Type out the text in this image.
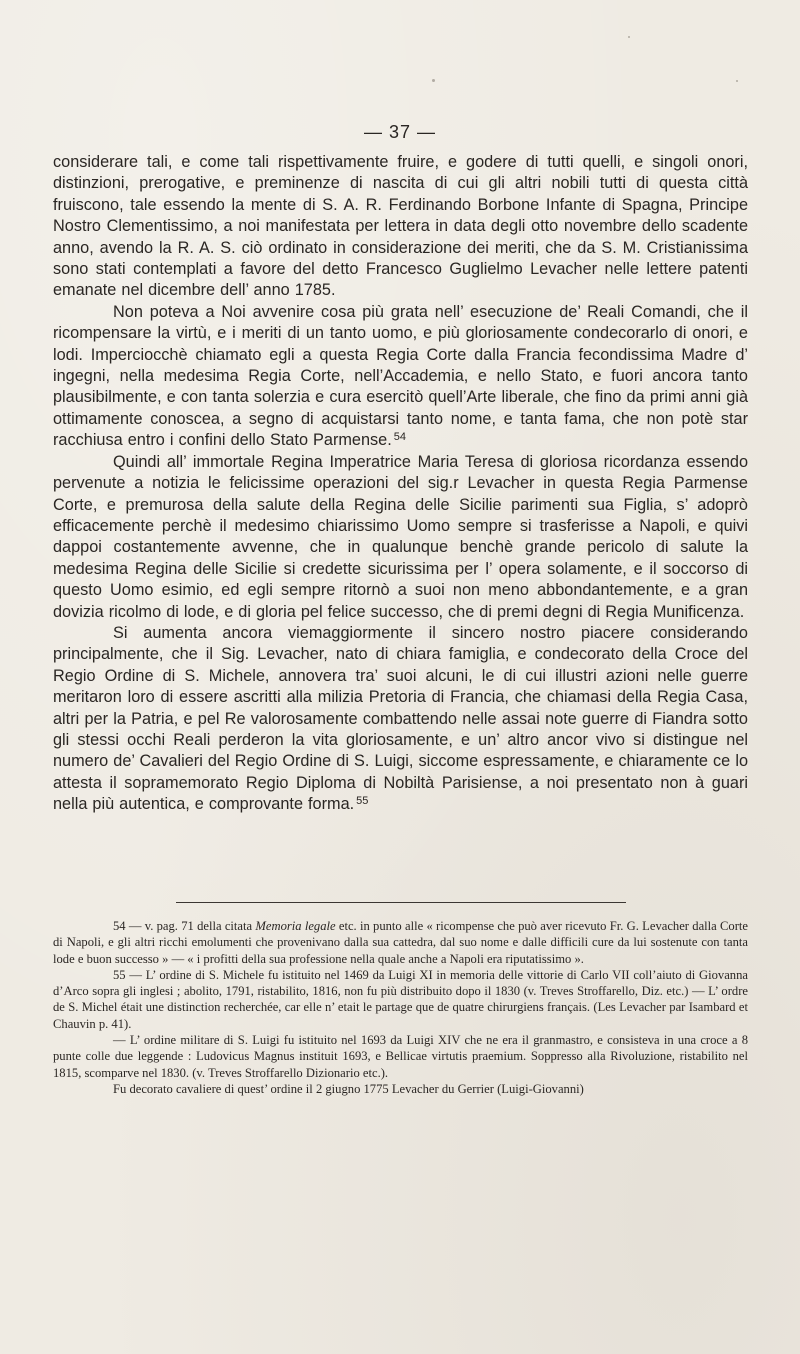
— 37 —

considerare tali, e come tali rispettivamente fruire, e godere di tutti quelli, e singoli onori, distinzioni, prerogative, e preminenze di nascita di cui gli altri nobili tutti di questa città fruiscono, tale essendo la mente di S. A. R. Ferdinando Borbone Infante di Spagna, Principe Nostro Clementissimo, a noi manifestata per lettera in data degli otto novembre dello scadente anno, avendo la R. A. S. ciò ordinato in considerazione dei meriti, che da S. M. Cristianissima sono stati contemplati a favore del detto Francesco Guglielmo Levacher nelle lettere patenti emanate nel dicembre dell’ anno 1785.

Non poteva a Noi avvenire cosa più grata nell’ esecuzione de’ Reali Comandi, che il ricompensare la virtù, e i meriti di un tanto uomo, e più gloriosamente condecorarlo di onori, e lodi. Imperciocchè chiamato egli a questa Regia Corte dalla Francia fecondissima Madre d’ ingegni, nella medesima Regia Corte, nell’Accademia, e nello Stato, e fuori ancora tanto plausibilmente, e con tanta solerzia e cura esercitò quell’Arte liberale, che fino da primi anni già ottimamente conoscea, a segno di acquistarsi tanto nome, e tanta fama, che non potè star racchiusa entro i confini dello Stato Parmense. $^{54}$

Quindi all’ immortale Regina Imperatrice Maria Teresa di gloriosa ricordanza essendo pervenute a notizia le felicissime operazioni del sig.r Levacher in questa Regia Parmense Corte, e premurosa della salute della Regina delle Sicilie parimenti sua Figlia, s’ adoprò efficacemente perchè il medesimo chiarissimo Uomo sempre si trasferisse a Napoli, e quivi dappoi costantemente avvenne, che in qualunque benchè grande pericolo di salute la medesima Regina delle Sicilie si credette sicurissima per l’ opera solamente, e il soccorso di questo Uomo esimio, ed egli sempre ritornò a suoi non meno abbondantemente, e a gran dovizia ricolmo di lode, e di gloria pel felice successo, che di premi degni di Regia Munificenza.

Si aumenta ancora viemaggiormente il sincero nostro piacere considerando principalmente, che il Sig. Levacher, nato di chiara famiglia, e condecorato della Croce del Regio Ordine di S. Michele, annovera tra’ suoi alcuni, le di cui illustri azioni nelle guerre meritaron loro di essere ascritti alla milizia Pretoria di Francia, che chiamasi della Regia Casa, altri per la Patria, e pel Re valorosamente combattendo nelle assai note guerre di Fiandra sotto gli stessi occhi Reali perderon la vita gloriosamente, e un’ altro ancor vivo si distingue nel numero de’ Cavalieri del Regio Ordine di S. Luigi, siccome espressamente, e chiaramente ce lo attesta il sopramemorato Regio Diploma di Nobiltà Parisiense, a noi presentato non à guari nella più autentica, e comprovante forma. $^{55}$

54 — v. pag. 71 della citata Memoria legale etc. in punto alle « ricompense che può aver ricevuto Fr. G. Levacher dalla Corte di Napoli, e gli altri ricchi emolumenti che provenivano dalla sua cattedra, dal suo nome e dalle difficili cure da lui sostenute con tanta lode e buon successo » — « i profitti della sua professione nella quale anche a Napoli era riputatissimo ».

55 — L’ ordine di S. Michele fu istituito nel 1469 da Luigi XI in memoria delle vittorie di Carlo VII coll’aiuto di Giovanna d’Arco sopra gli inglesi ; abolito, 1791, ristabilito, 1816, non fu più distribuito dopo il 1830 (v. Treves Stroffarello, Diz. etc.) — L’ ordre de S. Michel était une distinction recherchée, car elle n’ etait le partage que de quatre chirurgiens français. (Les Levacher par Isambard et Chauvin p. 41).

— L’ ordine militare di S. Luigi fu istituito nel 1693 da Luigi XIV che ne era il granmastro, e consisteva in una croce a 8 punte colle due leggende : Ludovicus Magnus instituit 1693, e Bellicae virtutis praemium. Soppresso alla Rivoluzione, ristabilito nel 1815, scomparve nel 1830. (v. Treves Stroffarello Dizionario etc.).

Fu decorato cavaliere di quest’ ordine il 2 giugno 1775 Levacher du Gerrier (Luigi-Giovanni)
